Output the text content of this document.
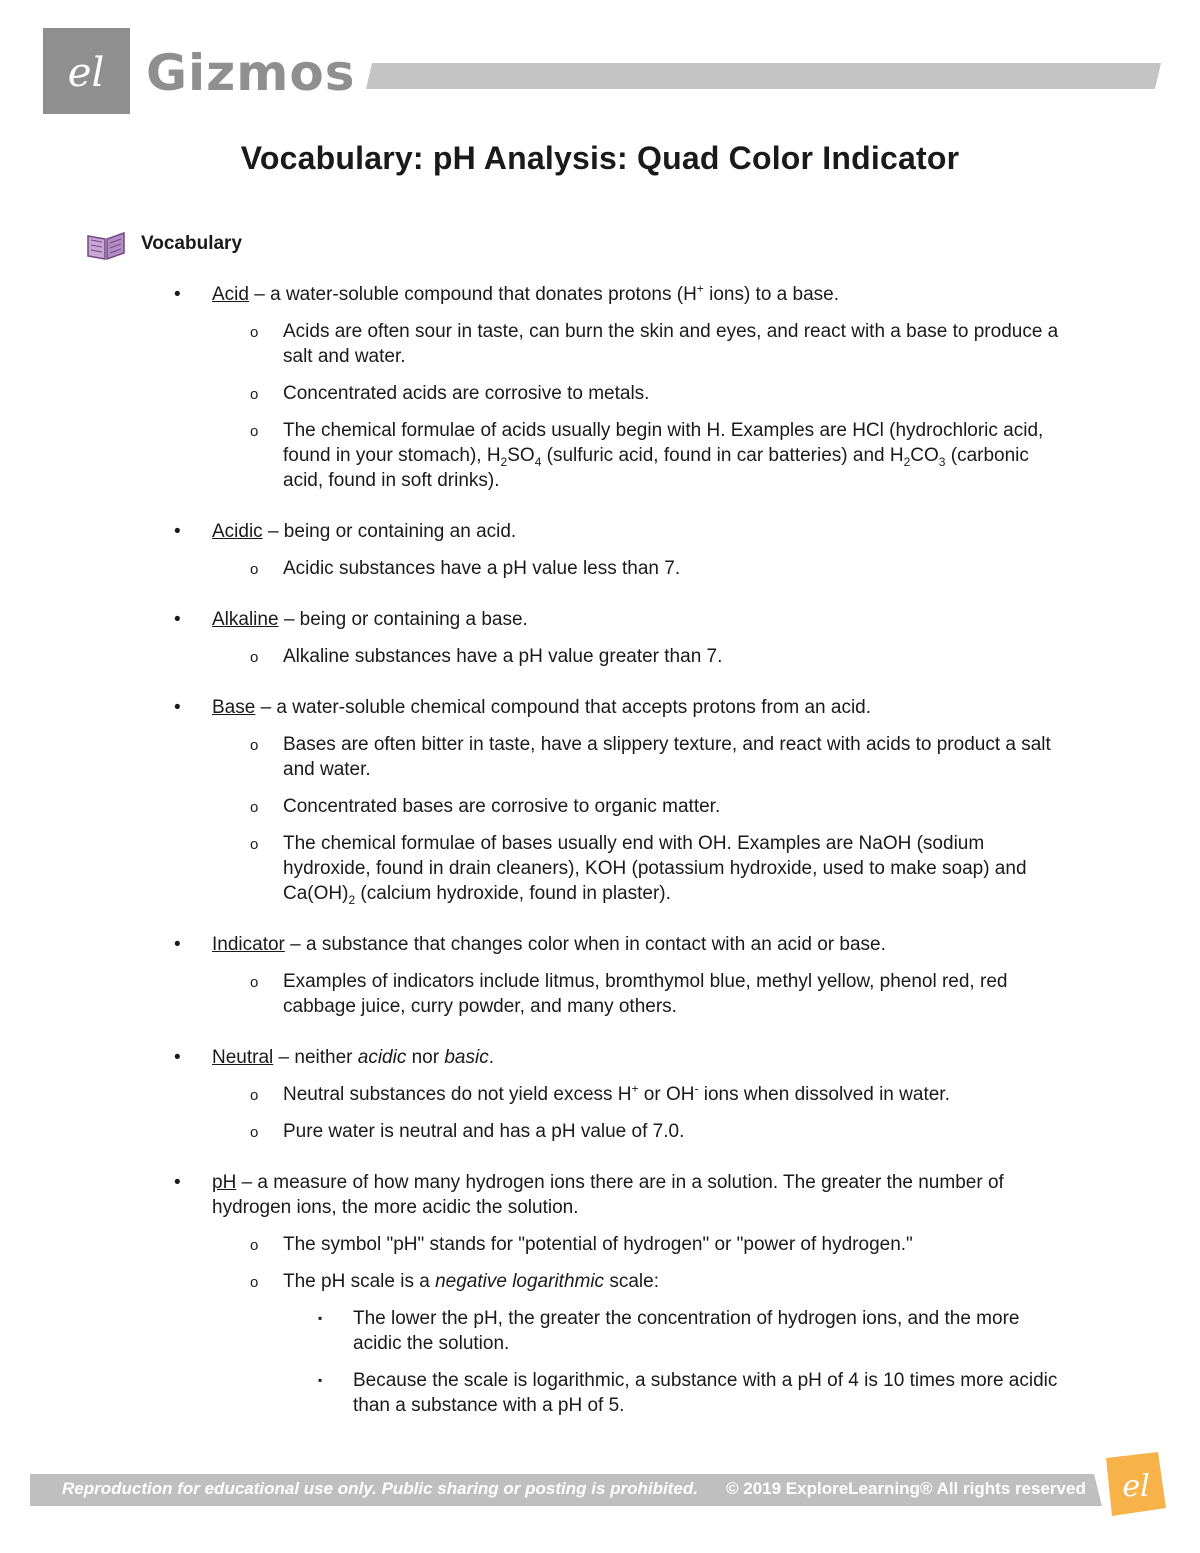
el Gizmos
Vocabulary: pH Analysis: Quad Color Indicator
Vocabulary
• Acid – a water-soluble compound that donates protons (H+ ions) to a base.
o Acids are often sour in taste, can burn the skin and eyes, and react with a base to produce a salt and water.
o Concentrated acids are corrosive to metals.
o The chemical formulae of acids usually begin with H. Examples are HCl (hydrochloric acid, found in your stomach), $H_2SO_4$ (sulfuric acid, found in car batteries) and $H_2CO_3$ (carbonic acid, found in soft drinks).
• Acidic – being or containing an acid.
o Acidic substances have a pH value less than 7.
• Alkaline – being or containing a base.
o Alkaline substances have a pH value greater than 7.
• Base – a water-soluble chemical compound that accepts protons from an acid.
o Bases are often bitter in taste, have a slippery texture, and react with acids to product a salt and water.
o Concentrated bases are corrosive to organic matter.
o The chemical formulae of bases usually end with OH. Examples are NaOH (sodium hydroxide, found in drain cleaners), KOH (potassium hydroxide, used to make soap) and $Ca(OH)_2$ (calcium hydroxide, found in plaster).
• Indicator – a substance that changes color when in contact with an acid or base.
o Examples of indicators include litmus, bromthymol blue, methyl yellow, phenol red, red cabbage juice, curry powder, and many others.
• Neutral – neither acidic nor basic.
o Neutral substances do not yield excess H+ or OH- ions when dissolved in water.
o Pure water is neutral and has a pH value of 7.0.
• pH – a measure of how many hydrogen ions there are in a solution. The greater the number of hydrogen ions, the more acidic the solution.
o The symbol "pH" stands for "potential of hydrogen" or "power of hydrogen."
o The pH scale is a negative logarithmic scale:
▪ The lower the pH, the greater the concentration of hydrogen ions, and the more acidic the solution.
▪ Because the scale is logarithmic, a substance with a pH of 4 is 10 times more acidic than a substance with a pH of 5.
Reproduction for educational use only. Public sharing or posting is prohibited. © 2019 ExploreLearning® All rights reserved el
